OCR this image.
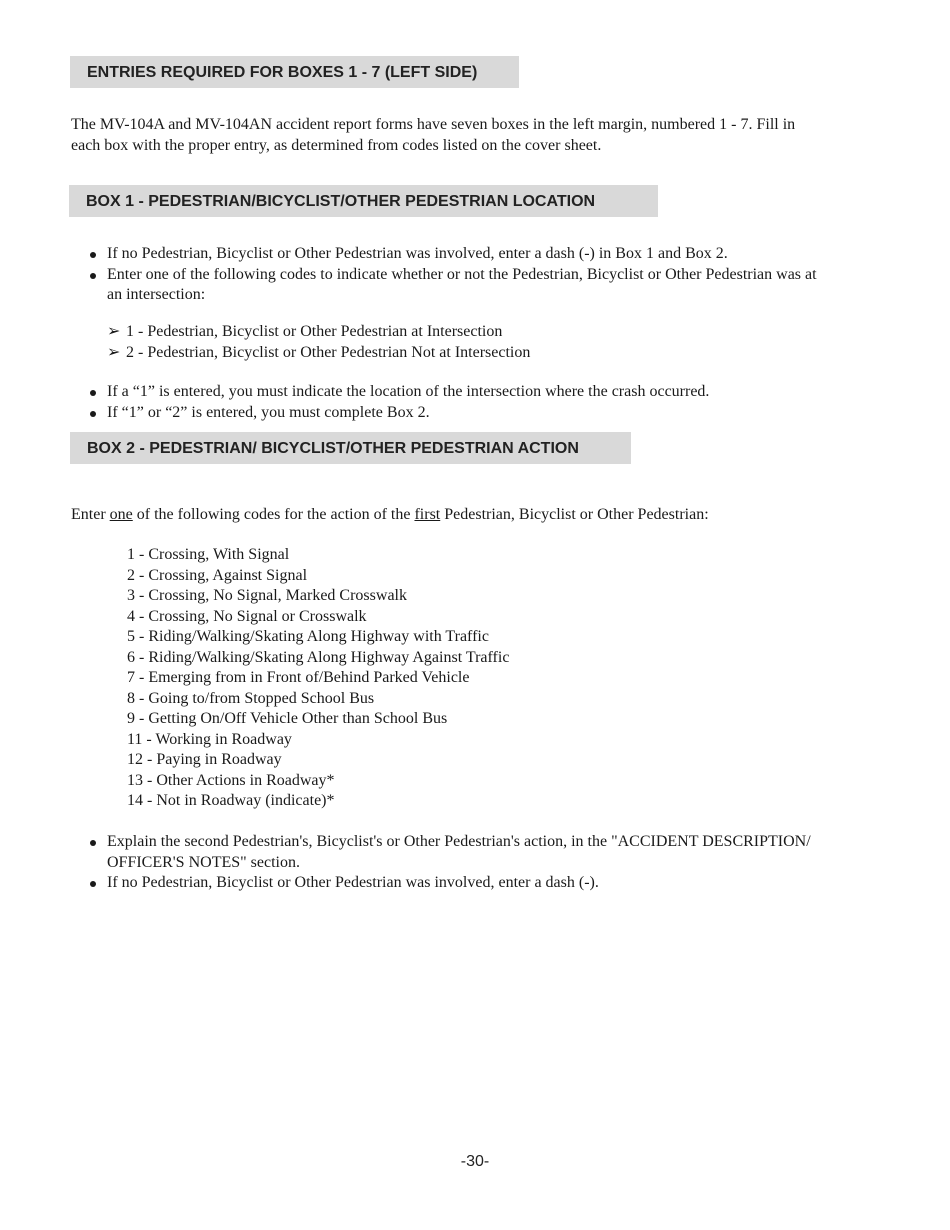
ENTRIES REQUIRED FOR BOXES 1 - 7 (LEFT SIDE)
The MV-104A and MV-104AN accident report forms have seven boxes in the left margin, numbered 1 - 7. Fill in
each box with the proper entry, as determined from codes listed on the cover sheet.
BOX 1 - PEDESTRIAN/BICYCLIST/OTHER PEDESTRIAN LOCATION
If no Pedestrian, Bicyclist or Other Pedestrian was involved, enter a dash (-) in Box 1 and Box 2.
Enter one of the following codes to indicate whether or not the Pedestrian, Bicyclist or Other Pedestrian was at
an intersection:
➢ 1 - Pedestrian, Bicyclist or Other Pedestrian at Intersection
➢ 2 - Pedestrian, Bicyclist or Other Pedestrian Not at Intersection
If a “1” is entered, you must indicate the location of the intersection where the crash occurred.
If “1” or “2” is entered, you must complete Box 2.
BOX 2 - PEDESTRIAN/ BICYCLIST/OTHER PEDESTRIAN ACTION
Enter one of the following codes for the action of the first Pedestrian, Bicyclist or Other Pedestrian:
1 - Crossing, With Signal
2 - Crossing, Against Signal
3 - Crossing, No Signal, Marked Crosswalk
4 - Crossing, No Signal or Crosswalk
5 - Riding/Walking/Skating Along Highway with Traffic
6 - Riding/Walking/Skating Along Highway Against Traffic
7 - Emerging from in Front of/Behind Parked Vehicle
8 - Going to/from Stopped School Bus
9 - Getting On/Off Vehicle Other than School Bus
11 - Working in Roadway
12 - Paying in Roadway
13 - Other Actions in Roadway*
14 - Not in Roadway (indicate)*
Explain the second Pedestrian's, Bicyclist's or Other Pedestrian's action, in the "ACCIDENT DESCRIPTION/
OFFICER'S NOTES" section.
If no Pedestrian, Bicyclist or Other Pedestrian was involved, enter a dash (-).
-30-
